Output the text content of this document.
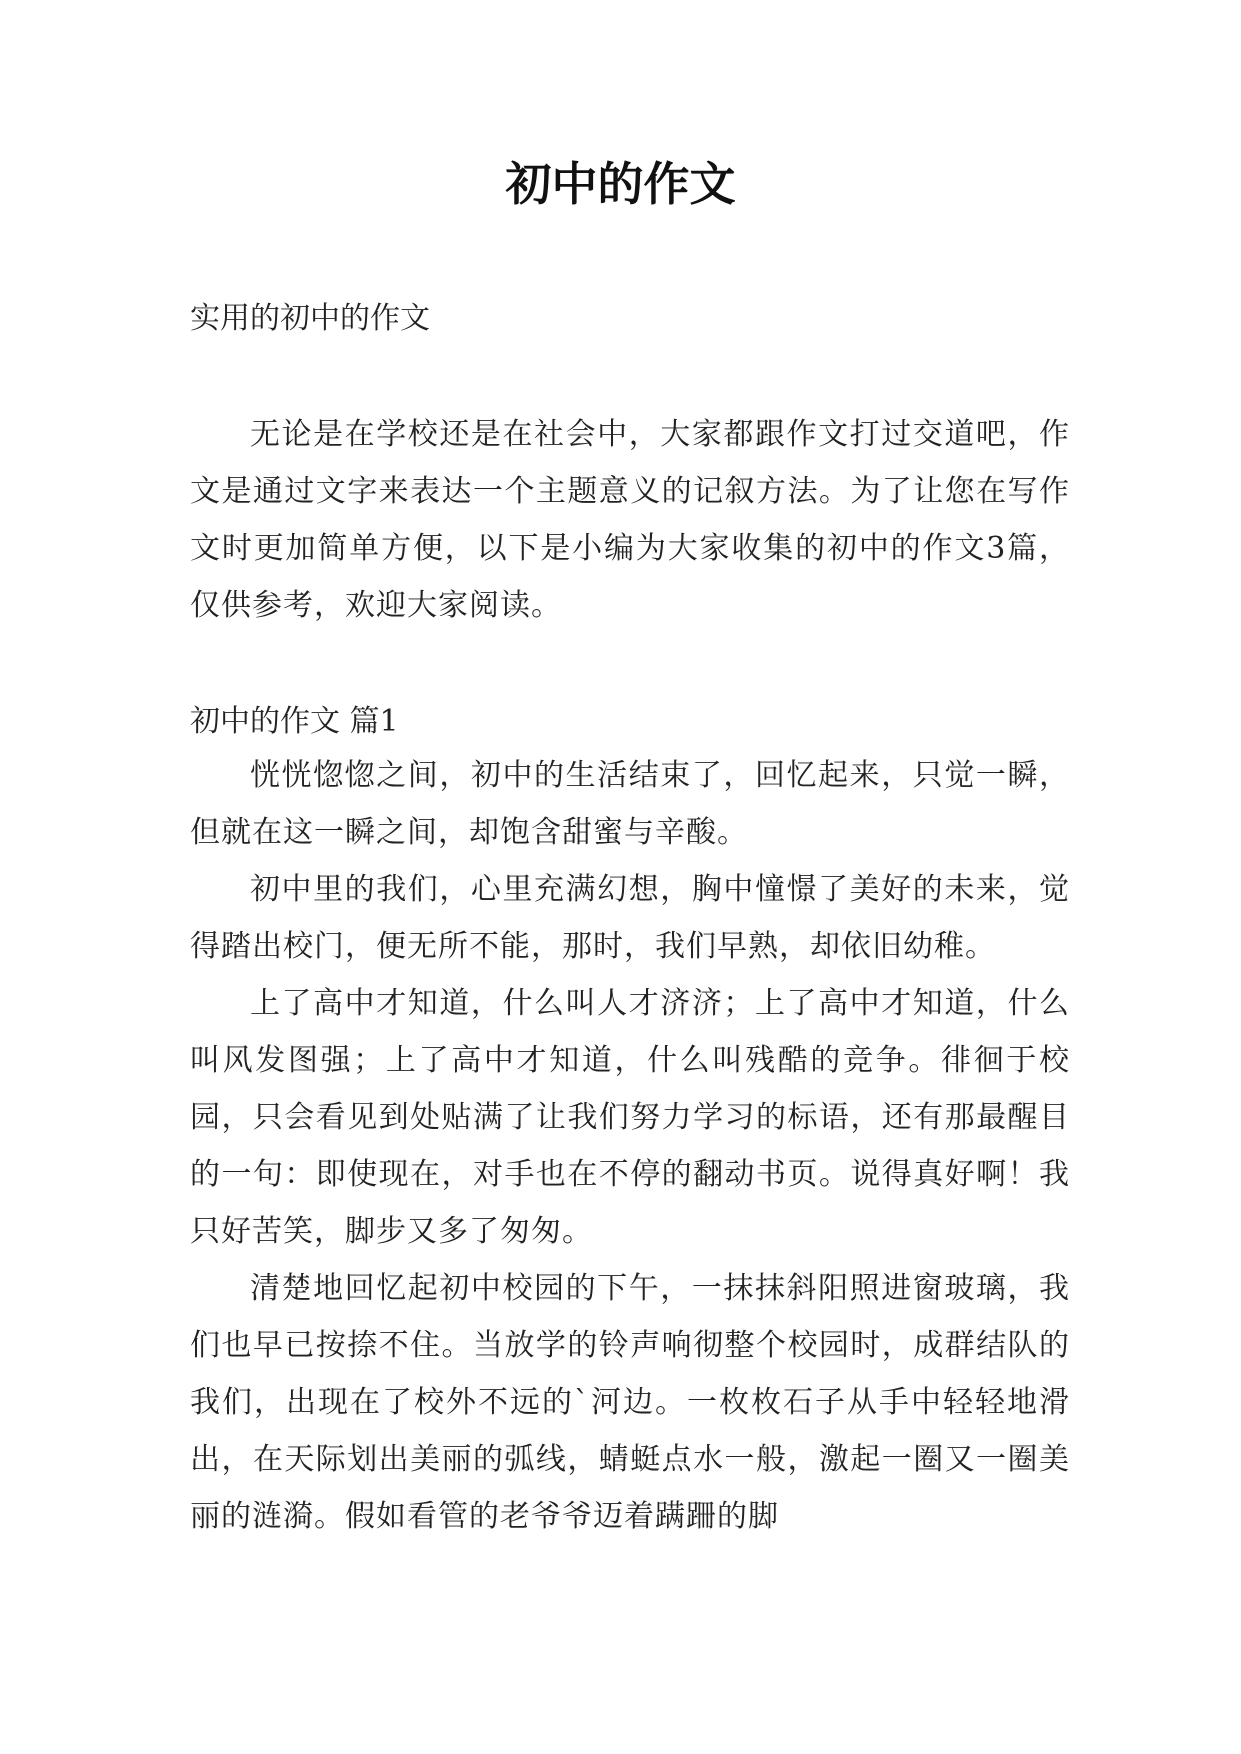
初中的作文
实用的初中的作文

无论是在学校还是在社会中，大家都跟作文打过交道吧，作文是通过文字来表达一个主题意义的记叙方法。为了让您在写作文时更加简单方便，以下是小编为大家收集的初中的作文3篇，仅供参考，欢迎大家阅读。

初中的作文 篇1

恍恍惚惚之间，初中的生活结束了，回忆起来，只觉一瞬，但就在这一瞬之间，却饱含甜蜜与辛酸。

初中里的我们，心里充满幻想，胸中憧憬了美好的未来，觉得踏出校门，便无所不能，那时，我们早熟，却依旧幼稚。

上了高中才知道，什么叫人才济济；上了高中才知道，什么叫风发图强；上了高中才知道，什么叫残酷的竞争。徘徊于校园，只会看见到处贴满了让我们努力学习的标语，还有那最醒目的一句：即使现在，对手也在不停的翻动书页。说得真好啊！我只好苦笑，脚步又多了匆匆。

清楚地回忆起初中校园的下午，一抹抹斜阳照进窗玻璃，我们也早已按捺不住。当放学的铃声响彻整个校园时，成群结队的我们，出现在了校外不远的`河边。一枚枚石子从手中轻轻地滑出，在天际划出美丽的弧线，蜻蜓点水一般，激起一圈又一圈美丽的涟漪。假如看管的老爷爷迈着蹒跚的脚
